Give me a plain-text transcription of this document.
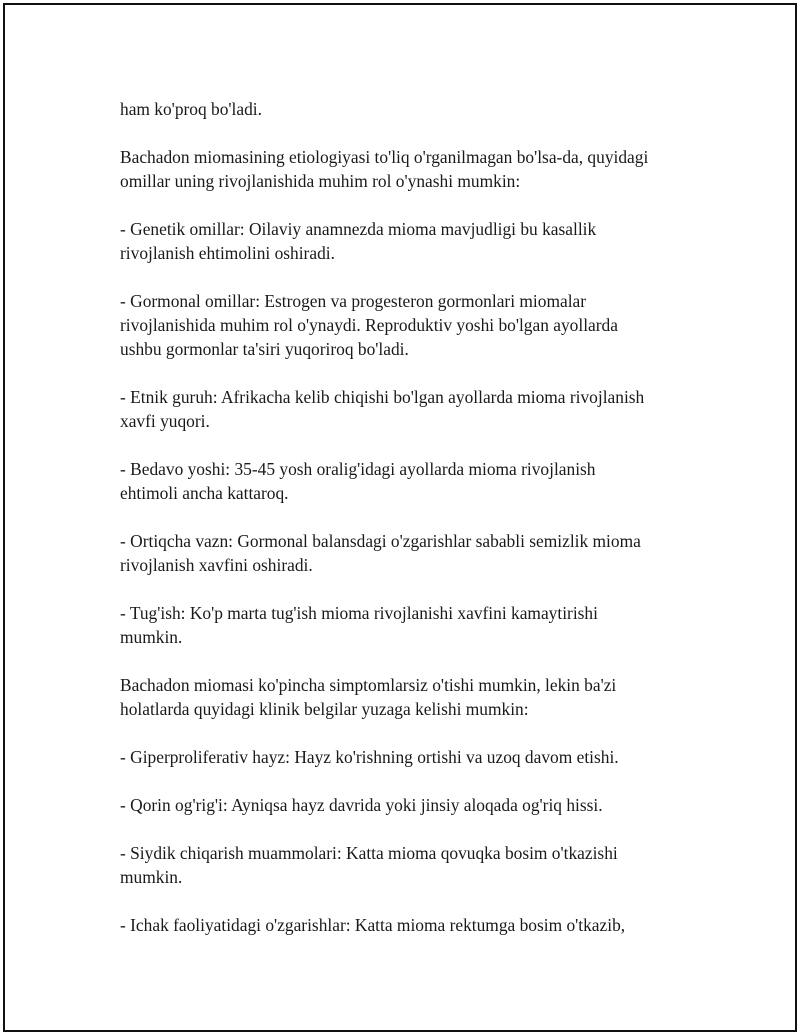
ham ko'proq bo'ladi.

Bachadon miomasining etiologiyasi to'liq o'rganilmagan bo'lsa-da, quyidagi
omillar uning rivojlanishida muhim rol o'ynashi mumkin:

- Genetik omillar: Oilaviy anamnezda mioma mavjudligi bu kasallik
rivojlanish ehtimolini oshiradi.

- Gormonal omillar: Estrogen va progesteron gormonlari miomalar
rivojlanishida muhim rol o'ynaydi. Reproduktiv yoshi bo'lgan ayollarda
ushbu gormonlar ta'siri yuqoriroq bo'ladi.

- Etnik guruh: Afrikacha kelib chiqishi bo'lgan ayollarda mioma rivojlanish
xavfi yuqori.

- Bedavo yoshi: 35-45 yosh oralig'idagi ayollarda mioma rivojlanish
ehtimoli ancha kattaroq.

- Ortiqcha vazn: Gormonal balansdagi o'zgarishlar sababli semizlik mioma
rivojlanish xavfini oshiradi.

- Tug'ish: Ko'p marta tug'ish mioma rivojlanishi xavfini kamaytirishi
mumkin.

Bachadon miomasi ko'pincha simptomlarsiz o'tishi mumkin, lekin ba'zi
holatlarda quyidagi klinik belgilar yuzaga kelishi mumkin:

- Giperproliferativ hayz: Hayz ko'rishning ortishi va uzoq davom etishi.

- Qorin og'rig'i: Ayniqsa hayz davrida yoki jinsiy aloqada og'riq hissi.

- Siydik chiqarish muammolari: Katta mioma qovuqka bosim o'tkazishi
mumkin.

- Ichak faoliyatidagi o'zgarishlar: Katta mioma rektumga bosim o'tkazib,
